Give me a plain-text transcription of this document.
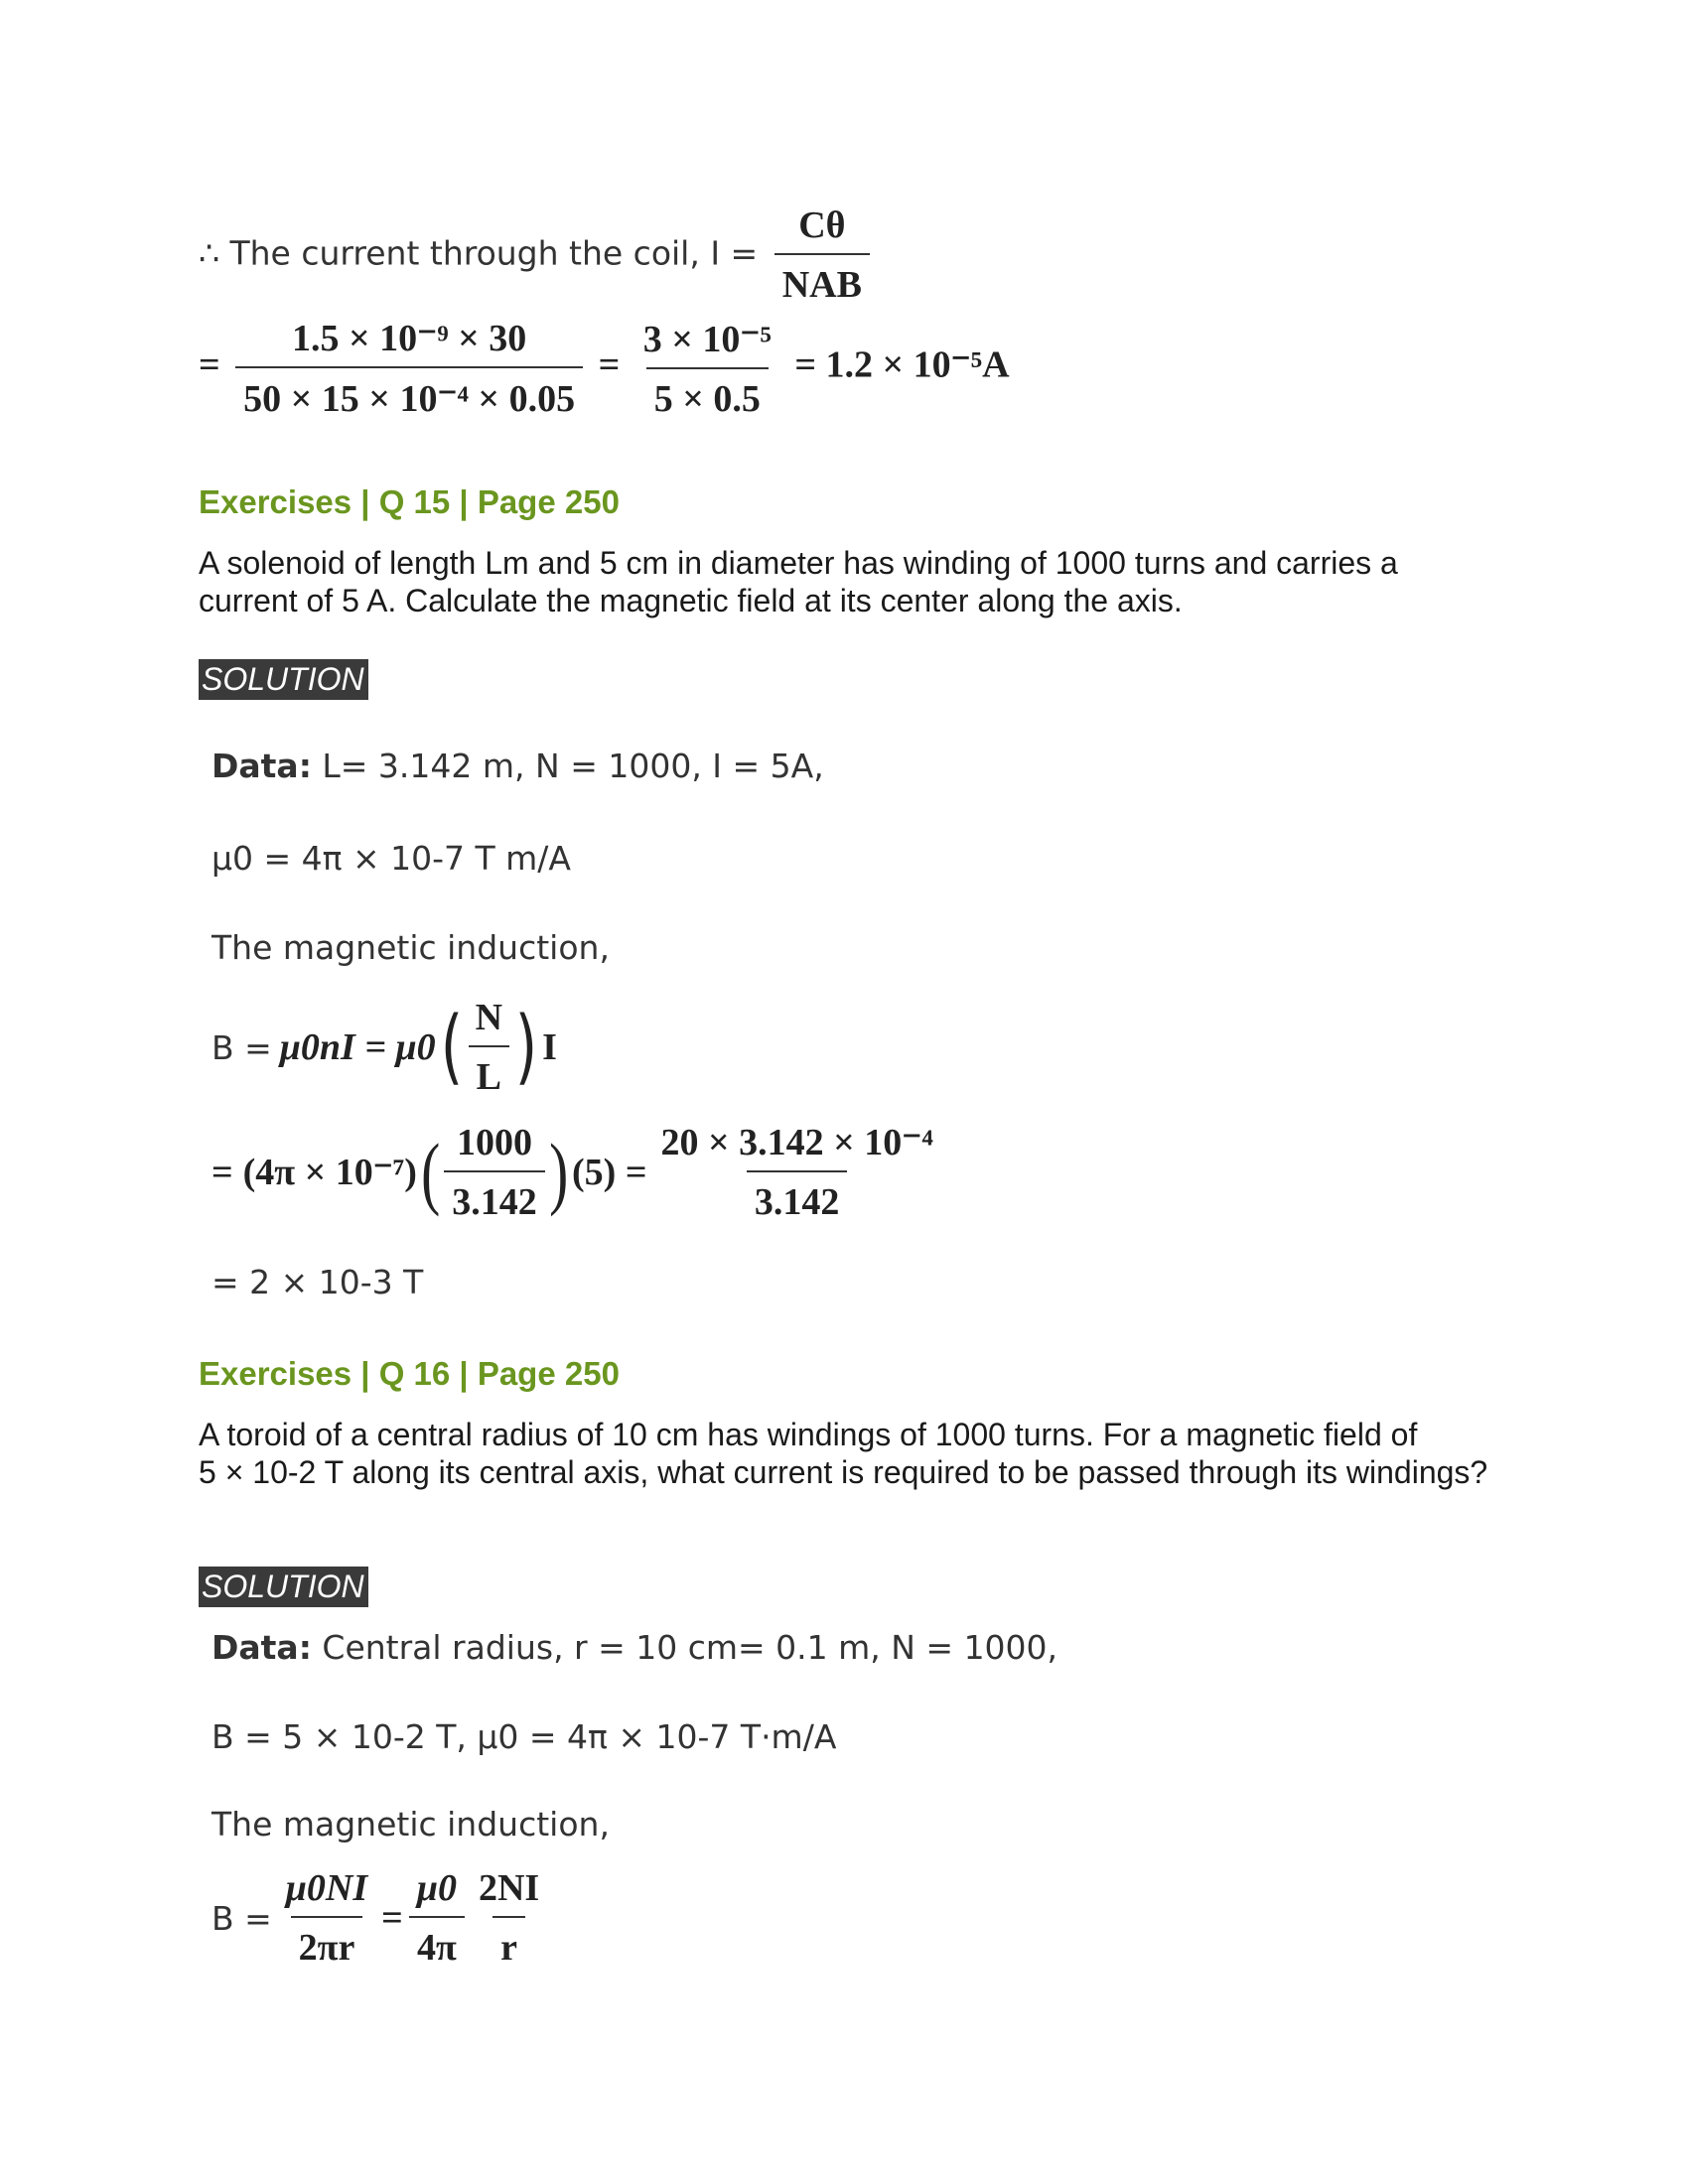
∴ The current through the coil, $I = \frac{C\theta}{\text{NAB}}$
= $\frac{\text{1.5 × 10⁻⁹ × 30}}{\text{50 × 15 × 10⁻⁴ × 0.05}} = \frac{\text{3 × 10⁻⁵}}{5 \times 0.5} = 1.2 \times 10^{-5}A$
Exercises | Q 15 | Page 250
A solenoid of length Lm and 5 cm in diameter has winding of 1000 turns and carries a current of 5 A. Calculate the magnetic field at its center along the axis.
SOLUTION
Data: L= 3.142 m, N = 1000, I = 5A,
μ0 = 4π × 10-7 T m/A
The magnetic induction,
B = μ0nI = μ0 ( $\frac{N}{L}$ ) I
= (4π × 10⁻⁷) ( $\frac{1000}{3.142}$ ) $(5) = \frac{\text{20 × 3.142 × 10⁻⁴}}{3.142}$
= 2 × 10-3 T
Exercises | Q 16 | Page 250
A toroid of a central radius of 10 cm has windings of 1000 turns. For a magnetic field of
5 × 10-2 T along its central axis, what current is required to be passed through its windings?
SOLUTION
Data: Central radius, r = 10 cm= 0.1 m, N = 1000,
B = 5 × 10-2 T, μ0 = 4π × 10-7 T·m/A
The magnetic induction,
$B = \frac{\mu 0NI}{2\pi r} = \frac{\mu 0}{4\pi} \frac{2NI}{r}$
